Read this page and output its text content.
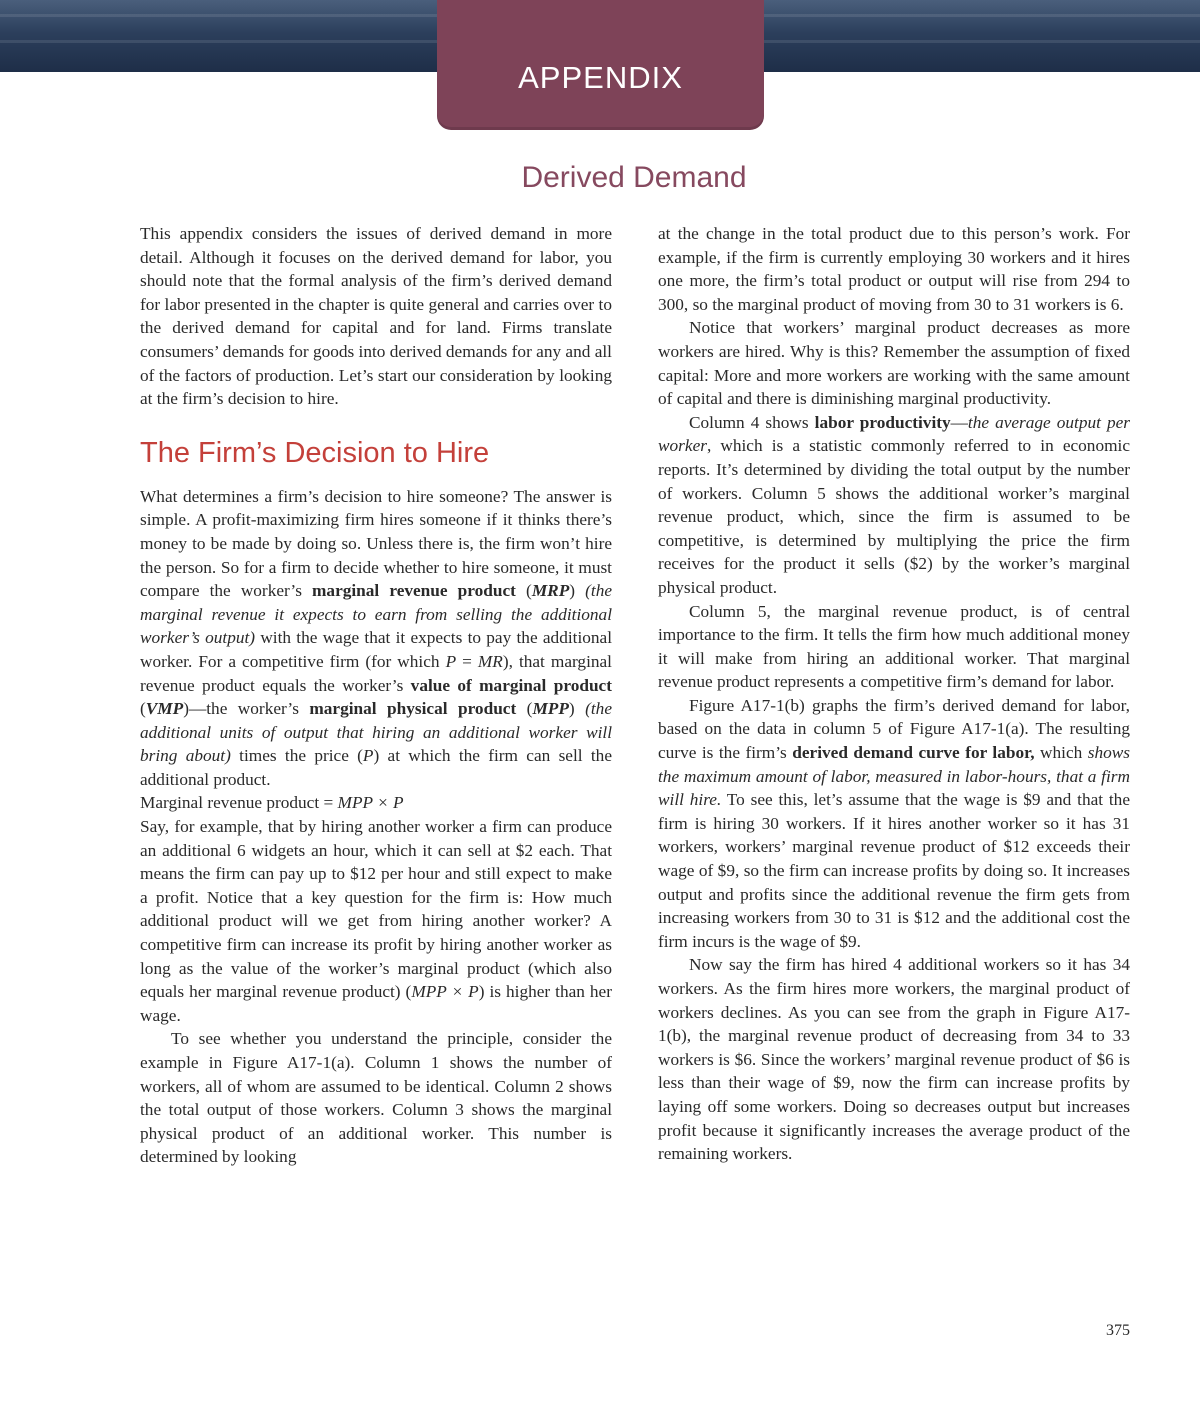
APPENDIX
Derived Demand

This appendix considers the issues of derived demand in more detail. Although it focuses on the derived demand for labor, you should note that the formal analysis of the firm’s derived demand for labor presented in the chapter is quite general and carries over to the derived demand for capital and for land. Firms translate consumers’ demands for goods into derived demands for any and all of the factors of production. Let’s start our consideration by looking at the firm’s decision to hire.

The Firm’s Decision to Hire

What determines a firm’s decision to hire someone? The answer is simple. A profit-maximizing firm hires someone if it thinks there’s money to be made by doing so. Unless there is, the firm won’t hire the person. So for a firm to decide whether to hire someone, it must compare the worker’s marginal revenue product (MRP) (the marginal revenue it expects to earn from selling the additional worker’s output) with the wage that it expects to pay the additional worker. For a competitive firm (for which P = MR), that marginal revenue product equals the worker’s value of marginal product (VMP)—the worker’s marginal physical product (MPP) (the additional units of output that hiring an additional worker will bring about) times the price (P) at which the firm can sell the additional product.

Marginal revenue product = MPP × P

Say, for example, that by hiring another worker a firm can produce an additional 6 widgets an hour, which it can sell at $2 each. That means the firm can pay up to $12 per hour and still expect to make a profit. Notice that a key question for the firm is: How much additional product will we get from hiring another worker? A competitive firm can increase its profit by hiring another worker as long as the value of the worker’s marginal product (which also equals her marginal revenue product) (MPP × P) is higher than her wage.

To see whether you understand the principle, consider the example in Figure A17-1(a). Column 1 shows the number of workers, all of whom are assumed to be identical. Column 2 shows the total output of those workers. Column 3 shows the marginal physical product of an additional worker. This number is determined by looking

at the change in the total product due to this person’s work. For example, if the firm is currently employing 30 workers and it hires one more, the firm’s total product or output will rise from 294 to 300, so the marginal product of moving from 30 to 31 workers is 6.

Notice that workers’ marginal product decreases as more workers are hired. Why is this? Remember the assumption of fixed capital: More and more workers are working with the same amount of capital and there is diminishing marginal productivity.

Column 4 shows labor productivity—the average output per worker, which is a statistic commonly referred to in economic reports. It’s determined by dividing the total output by the number of workers. Column 5 shows the additional worker’s marginal revenue product, which, since the firm is assumed to be competitive, is determined by multiplying the price the firm receives for the product it sells ($2) by the worker’s marginal physical product.

Column 5, the marginal revenue product, is of central importance to the firm. It tells the firm how much additional money it will make from hiring an additional worker. That marginal revenue product represents a competitive firm’s demand for labor.

Figure A17-1(b) graphs the firm’s derived demand for labor, based on the data in column 5 of Figure A17-1(a). The resulting curve is the firm’s derived demand curve for labor, which shows the maximum amount of labor, measured in labor-hours, that a firm will hire. To see this, let’s assume that the wage is $9 and that the firm is hiring 30 workers. If it hires another worker so it has 31 workers, workers’ marginal revenue product of $12 exceeds their wage of $9, so the firm can increase profits by doing so. It increases output and profits since the additional revenue the firm gets from increasing workers from 30 to 31 is $12 and the additional cost the firm incurs is the wage of $9.

Now say the firm has hired 4 additional workers so it has 34 workers. As the firm hires more workers, the marginal product of workers declines. As you can see from the graph in Figure A17-1(b), the marginal revenue product of decreasing from 34 to 33 workers is $6. Since the workers’ marginal revenue product of $6 is less than their wage of $9, now the firm can increase profits by laying off some workers. Doing so decreases output but increases profit because it significantly increases the average product of the remaining workers.

375
